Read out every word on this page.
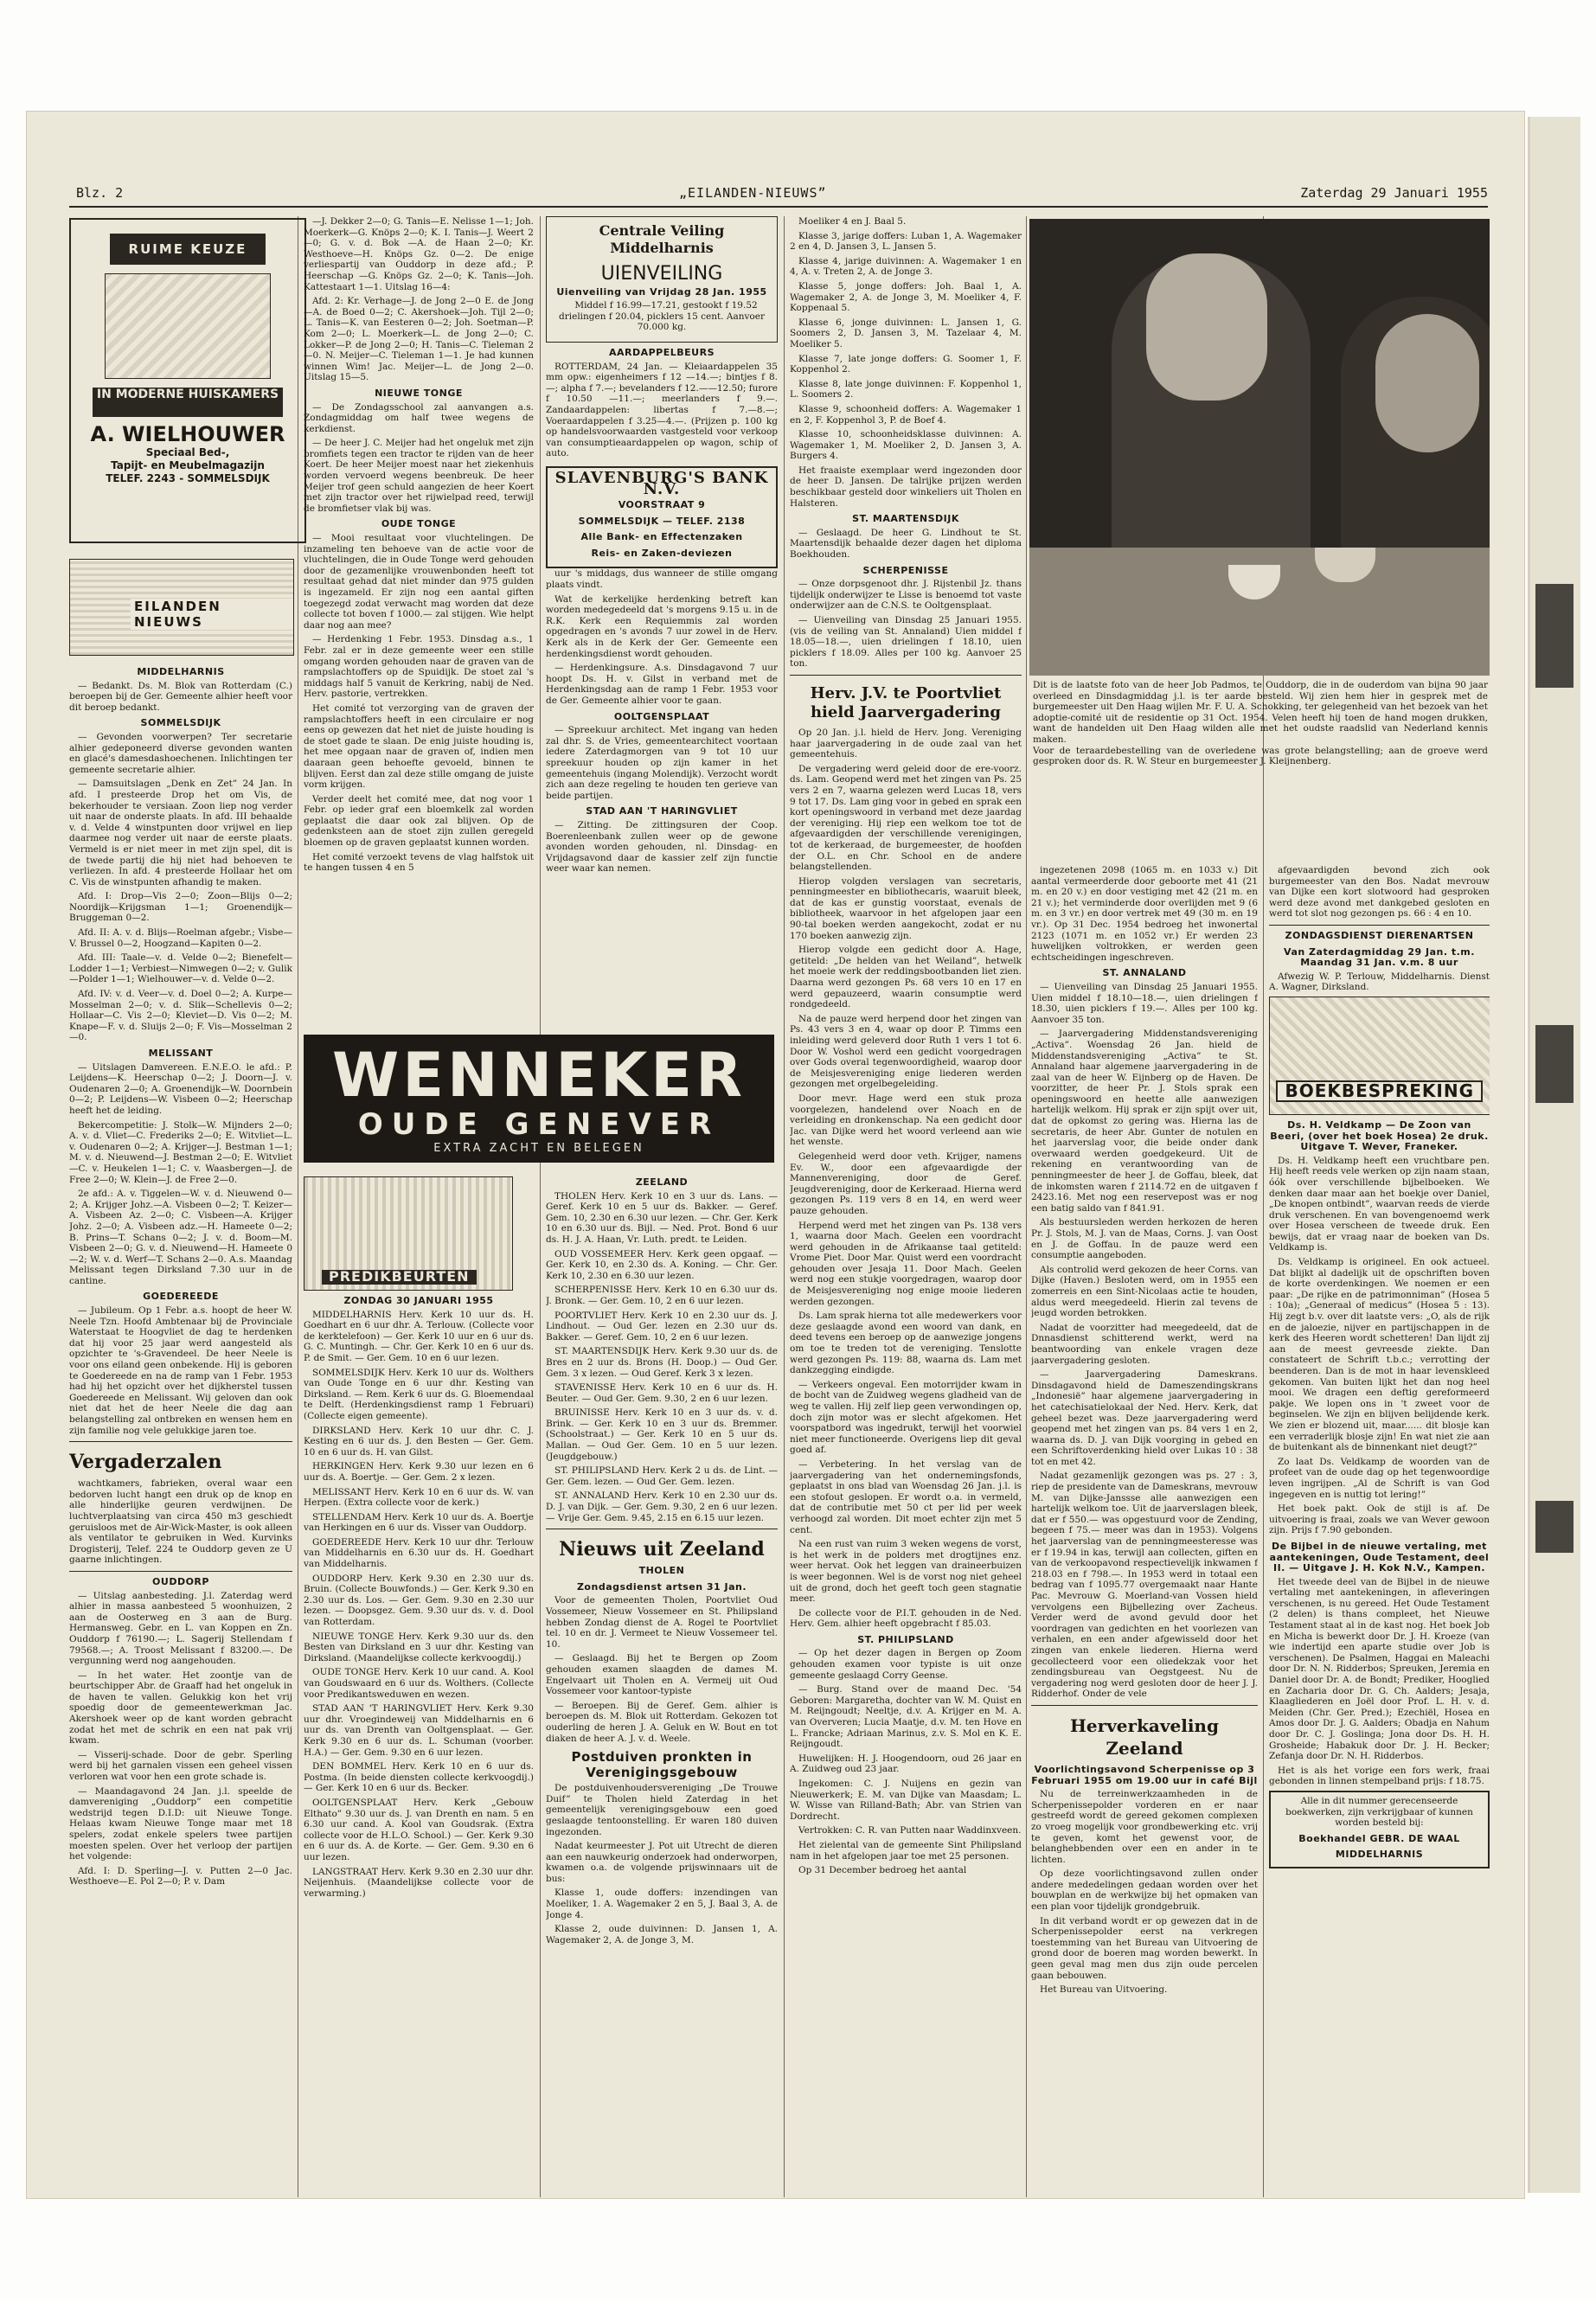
Blz. 2	„EILANDEN-NIEUWS”	Zaterdag 29 Januari 1955
RUIME KEUZE
IN MODERNE HUISKAMERS
A. WIELHOUWER
Speciaal Bed-,
Tapijt- en Meubelmagazijn
TELEF. 2243 - SOMMELSDIJK
EILANDEN NIEUWS
MIDDELHARNIS

— Bedankt. Ds. M. Blok van Rotterdam (C.) beroepen bij de Ger. Gemeente alhier heeft voor dit beroep bedankt.

SOMMELSDIJK

— Gevonden voorwerpen? Ter secretarie alhier gedeponeerd diverse gevonden wanten en glacé's damesdashoechenen. Inlichtingen ter gemeente secretarie alhier.

— Damsuitslagen „Denk en Zet” 24 Jan. In afd. I presteerde Drop het om Vis, de bekerhouder te versiaan. Zoon liep nog verder uit naar de onderste plaats. In afd. III behaalde v. d. Velde 4 winstpunten door vrijwel en liep daarmee nog verder uit naar de eerste plaats. Vermeld is er niet meer in met zijn spel, dit is de twede partij die hij niet had behoeven te verliezen. In afd. 4 presteerde Hollaar het om C. Vis de winstpunten afhandig te maken.

Afd. I: Drop—Vis 2—0; Zoon—Blijs 0—2; Noordijk—Krijgsman 1—1; Groenendijk—Bruggeman 0—2.

Afd. II: A. v. d. Blijs—Roelman afgebr.; Visbe—V. Brussel 0—2, Hoogzand—Kapiten 0—2.

Afd. III: Taale—v. d. Velde 0—2; Bienefelt—Lodder 1—1; Verbiest—Nimwegen 0—2; v. Gulik—Polder 1—1; Wielhouwer—v. d. Velde 0—2.

Afd. IV: v. d. Veer—v. d. Doel 0—2; A. Kurpe—Mosselman 2—0; v. d. Slik—Schellevis 0—2; Hollaar—C. Vis 2—0; Kleviet—D. Vis 0—2; M. Knape—F. v. d. Sluijs 2—0; F. Vis—Mosselman 2—0.

MELISSANT

— Uitslagen Damvereen. E.N.E.O. le afd.: P. Leijdens—K. Heerschap 0—2; J. Doorn—J. v. Oudenaren 2—0; A. Groenendijk—W. Doornbein 0—2; P. Leijdens—W. Visbeen 0—2; Heerschap heeft het de leiding.

Bekercompetitie: J. Stolk—W. Mijnders 2—0; A. v. d. Vliet—C. Frederiks 2—0; E. Witvliet—L. v. Oudenaren 0—2; A. Krijger—J. Bestman 1—1; M. v. d. Nieuwend—J. Bestman 2—0; E. Witvliet—C. v. Heukelen 1—1; C. v. Waasbergen—J. de Free 2—0; W. Klein—J. de Free 2—0.

2e afd.: A. v. Tiggelen—W. v. d. Nieuwend 0—2; A. Krijger Johz.—A. Visbeen 0—2; T. Keizer—A. Visbeen Az. 2—0; C. Visbeen—A. Krijger Johz. 2—0; A. Visbeen adz.—H. Hameete 0—2; B. Prins—T. Schans 0—2; J. v. d. Boom—M. Visbeen 2—0; G. v. d. Nieuwend—H. Hameete 0—2; W. v. d. Werf—T. Schans 2—0. A.s. Maandag Melissant tegen Dirksland 7.30 uur in de cantine.

GOEDEREEDE

— Jubileum. Op 1 Febr. a.s. hoopt de heer W. Neele Tzn. Hoofd Ambtenaar bij de Provinciale Waterstaat te Hoogvliet de dag te herdenken dat hij voor 25 jaar werd aangesteld als opzichter te 's-Gravendeel. De heer Neele is voor ons eiland geen onbekende. Hij is geboren te Goedereede en na de ramp van 1 Febr. 1953 had hij het opzicht over het dijkherstel tussen Goedereede en Melissant. Wij geloven dan ook niet dat het de heer Neele die dag aan belangstelling zal ontbreken en wensen hem en zijn familie nog vele gelukkige jaren toe.

Vergaderzalen

wachtkamers, fabrieken, overal waar een bedorven lucht hangt een druk op de knop en alle hinderlijke geuren verdwijnen. De luchtverplaatsing van circa 450 m3 geschiedt geruisloos met de Air-Wick-Master, is ook alleen als ventilator te gebruiken in Wed. Kurvinks Drogisterij, Telef. 224 te Ouddorp geven ze U gaarne inlichtingen.

OUDDORP

— Uitslag aanbesteding. J.l. Zaterdag werd alhier in massa aanbesteed 5 woonhuizen, 2 aan de Oosterweg en 3 aan de Burg. Hermansweg. Gebr. en L. van Koppen en Zn. Ouddorp f 76190.—; L. Sagerij Stellendam f 79568.—; A. Troost Melissant f 83200.—. De vergunning werd nog aangehouden.

— In het water. Het zoontje van de beurtschipper Abr. de Graaff had het ongeluk in de haven te vallen. Gelukkig kon het vrij spoedig door de gemeentewerkman Jac. Akershoek weer op de kant worden gebracht zodat het met de schrik en een nat pak vrij kwam.

— Visserij-schade. Door de gebr. Sperling werd bij het garnalen vissen een geheel vissen verloren wat voor hen een grote schade is.

— Maandagavond 24 Jan. j.l. speelde de damvereniging „Ouddorp” een competitie wedstrijd tegen D.I.D: uit Nieuwe Tonge. Helaas kwam Nieuwe Tonge maar met 18 spelers, zodat enkele spelers twee partijen moesten spelen. Over het verloop der partijen het volgende:

Afd. I: D. Sperling—J. v. Putten 2—0 Jac. Westhoeve—E. Pol 2—0; P. v. Dam

—J. Dekker 2—0; G. Tanis—E. Nelisse 1—1; Joh. Moerkerk—G. Knöps 2—0; K. I. Tanis—J. Weert 2—0; G. v. d. Bok —A. de Haan 2—0; Kr. Westhoeve—H. Knöps Gz. 0—2. De enige verliespartij van Ouddorp in deze afd.; P. Heerschap —G. Knöps Gz. 2—0; K. Tanis—Joh. Kattestaart 1—1. Uitslag 16—4:

Afd. 2: Kr. Verhage—J. de Jong 2—0 E. de Jong—A. de Boed 0—2; C. Akershoek—Joh. Tijl 2—0; L. Tanis—K. van Eesteren 0—2; Joh. Soetman—P. Kom 2—0; L. Moerkerk—L. de Jong 2—0; C. Lokker—P. de Jong 2—0; H. Tanis—C. Tieleman 2—0. N. Meijer—C. Tieleman 1—1. Je had kunnen winnen Wim! Jac. Meijer—L. de Jong 2—0. Uitslag 15—5.

NIEUWE TONGE

— De Zondagsschool zal aanvangen a.s. Zondagmiddag om half twee wegens de kerkdienst.

— De heer J. C. Meijer had het ongeluk met zijn bromfiets tegen een tractor te rijden van de heer Koert. De heer Meijer moest naar het ziekenhuis worden vervoerd wegens beenbreuk. De heer Meijer trof geen schuld aangezien de heer Koert met zijn tractor over het rijwielpad reed, terwijl de bromfietser vlak bij was.

OUDE TONGE

— Mooi resultaat voor vluchtelingen. De inzameling ten behoeve van de actie voor de vluchtelingen, die in Oude Tonge werd gehouden door de gezamenlijke vrouwenbonden heeft tot resultaat gehad dat niet minder dan 975 gulden is ingezameld. Er zijn nog een aantal giften toegezegd zodat verwacht mag worden dat deze collecte tot boven f 1000.— zal stijgen. Wie helpt daar nog aan mee?

— Herdenking 1 Febr. 1953. Dinsdag a.s., 1 Febr. zal er in deze gemeente weer een stille omgang worden gehouden naar de graven van de rampslachtoffers op de Spuidijk. De stoet zal 's middags half 5 vanuit de Kerkring, nabij de Ned. Herv. pastorie, vertrekken.

Het comité tot verzorging van de graven der rampslachtoffers heeft in een circulaire er nog eens op gewezen dat het niet de juiste houding is de stoet gade te slaan. De enig juiste houding is, het mee opgaan naar de graven of, indien men daaraan geen behoefte gevoeld, binnen te blijven. Eerst dan zal deze stille omgang de juiste vorm krijgen.

Verder deelt het comité mee, dat nog voor 1 Febr. op ieder graf een bloemkelk zal worden geplaatst die daar ook zal blijven. Op de gedenksteen aan de stoet zijn zullen geregeld bloemen op de graven geplaatst kunnen worden.

Het comité verzoekt tevens de vlag halfstok uit te hangen tussen 4 en 5

Centrale Veiling Middelharnis
UIENVEILING
Uienveiling van Vrijdag 28 Jan. 1955

Middel f 16.99—17.21, gestookt f 19.52 drielingen f 20.04, picklers 15 cent. Aanvoer 70.000 kg.

AARDAPPELBEURS

ROTTERDAM, 24 Jan. — Kleiaardappelen 35 mm opw.: eigenheimers f 12 —14.—; bintjes f 8.—; alpha f 7.—; bevelanders f 12.——12.50; furore f 10.50 —11.—; meerlanders f 9.—. Zandaardappelen: libertas f 7.—8.—; Voeraardappelen f 3.25—4.—. (Prijzen p. 100 kg op handelsvoorwaarden vastgesteld voor verkoop van consumptieaardappelen op wagon, schip of auto.

SLAVENBURG'S BANK N.V.
VOORSTRAAT 9
SOMMELSDIJK — TELEF. 2138
Alle Bank- en Effectenzaken
Reis- en Zaken-deviezen

uur 's middags, dus wanneer de stille omgang plaats vindt.

Wat de kerkelijke herdenking betreft kan worden medegedeeld dat 's morgens 9.15 u. in de R.K. Kerk een Requiemmis zal worden opgedragen en 's avonds 7 uur zowel in de Herv. Kerk als in de Kerk der Ger. Gemeente een herdenkingsdienst wordt gehouden.

— Herdenkingsure. A.s. Dinsdagavond 7 uur hoopt Ds. H. v. Gilst in verband met de Herdenkingsdag aan de ramp 1 Febr. 1953 voor de Ger. Gemeente alhier voor te gaan.

OOLTGENSPLAAT

— Spreekuur architect. Met ingang van heden zal dhr. S. de Vries, gemeentearchitect voortaan iedere Zaterdagmorgen van 9 tot 10 uur spreekuur houden op zijn kamer in het gemeentehuis (ingang Molendijk). Verzocht wordt zich aan deze regeling te houden ten gerieve van beide partijen.

STAD AAN 'T HARINGVLIET

— Zitting. De zittingsuren der Coop. Boerenleenbank zullen weer op de gewone avonden worden gehouden, nl. Dinsdag- en Vrijdagsavond daar de kassier zelf zijn functie weer waar kan nemen.

WENNEKER
OUDE GENEVER
EXTRA ZACHT EN BELEGEN
PREDIKBEURTEN
ZONDAG 30 JANUARI 1955

MIDDELHARNIS Herv. Kerk 10 uur ds. H. Goedhart en 6 uur dhr. A. Terlouw. (Collecte voor de kerktelefoon) — Ger. Kerk 10 uur en 6 uur ds. G. C. Muntingh. — Chr. Ger. Kerk 10 en 6 uur ds. P. de Smit. — Ger. Gem. 10 en 6 uur lezen.

SOMMELSDIJK Herv. Kerk 10 uur ds. Wolthers van Oude Tonge en 6 uur dhr. Kesting van Dirksland. — Rem. Kerk 6 uur ds. G. Bloemendaal te Delft. (Herdenkingsdienst ramp 1 Februari) (Collecte eigen gemeente).

DIRKSLAND Herv. Kerk 10 uur dhr. C. J. Kesting en 6 uur ds. J. den Besten — Ger. Gem. 10 en 6 uur ds. H. van Gilst.

HERKINGEN Herv. Kerk 9.30 uur lezen en 6 uur ds. A. Boertje. — Ger. Gem. 2 x lezen.

MELISSANT Herv. Kerk 10 en 6 uur ds. W. van Herpen. (Extra collecte voor de kerk.)

STELLENDAM Herv. Kerk 10 uur ds. A. Boertje van Herkingen en 6 uur ds. Visser van Ouddorp.

GOEDEREEDE Herv. Kerk 10 uur dhr. Terlouw van Middelharnis en 6.30 uur ds. H. Goedhart van Middelharnis.

OUDDORP Herv. Kerk 9.30 en 2.30 uur ds. Bruin. (Collecte Bouwfonds.) — Ger. Kerk 9.30 en 2.30 uur ds. Los. — Ger. Gem. 9.30 en 2.30 uur lezen. — Doopsgez. Gem. 9.30 uur ds. v. d. Dool van Rotterdam.

NIEUWE TONGE Herv. Kerk 9.30 uur ds. den Besten van Dirksland en 3 uur dhr. Kesting van Dirksland. (Maandelijkse collecte kerkvoogdij.)

OUDE TONGE Herv. Kerk 10 uur cand. A. Kool van Goudswaard en 6 uur ds. Wolthers. (Collecte voor Predikantsweduwen en wezen.

STAD AAN 'T HARINGVLIET Herv. Kerk 9.30 uur dhr. Vroegindeweij van Middelharnis en 6 uur ds. van Drenth van Ooltgensplaat. — Ger. Kerk 9.30 en 6 uur ds. L. Schuman (voorber. H.A.) — Ger. Gem. 9.30 en 6 uur lezen.

DEN BOMMEL Herv. Kerk 10 en 6 uur ds. Postma. (In beide diensten collecte kerkvoogdij.) — Ger. Kerk 10 en 6 uur ds. Becker.

OOLTGENSPLAAT Herv. Kerk „Gebouw Elthato” 9.30 uur ds. J. van Drenth en nam. 5 en 6.30 uur cand. A. Kool van Goudsrak. (Extra collecte voor de H.L.O. School.) — Ger. Kerk 9.30 en 6 uur ds. A. de Korte. — Ger. Gem. 9.30 en 6 uur lezen.

LANGSTRAAT Herv. Kerk 9.30 en 2.30 uur dhr. Neijenhuis. (Maandelijkse collecte voor de verwarming.)

ZEELAND

THOLEN Herv. Kerk 10 en 3 uur ds. Lans. — Geref. Kerk 10 en 5 uur ds. Bakker. — Geref. Gem. 10, 2.30 en 6.30 uur lezen. — Chr. Ger. Kerk 10 en 6.30 uur ds. Bijl. — Ned. Prot. Bond 6 uur ds. H. J. A. Haan, Vr. Luth. predt. te Leiden.

OUD VOSSEMEER Herv. Kerk geen opgaaf. — Ger. Kerk 10, en 2.30 ds. A. Koning. — Chr. Ger. Kerk 10, 2.30 en 6.30 uur lezen.

SCHERPENISSE Herv. Kerk 10 en 6.30 uur ds. J. Bronk. — Ger. Gem. 10, 2 en 6 uur lezen.

POORTVLIET Herv. Kerk 10 en 2.30 uur ds. J. Lindhout. — Oud Ger. lezen en 2.30 uur ds. Bakker. — Geref. Gem. 10, 2 en 6 uur lezen.

ST. MAARTENSDIJK Herv. Kerk 9.30 uur ds. de Bres en 2 uur ds. Brons (H. Doop.) — Oud Ger. Gem. 3 x lezen. — Oud Geref. Kerk 3 x lezen.

STAVENISSE Herv. Kerk 10 en 6 uur ds. H. Beuter. — Oud Ger. Gem. 9.30, 2 en 6 uur lezen.

BRUINISSE Herv. Kerk 10 en 3 uur ds. v. d. Brink. — Ger. Kerk 10 en 3 uur ds. Bremmer. (Schoolstraat.) — Ger. Kerk 10 en 5 uur ds. Mallan. — Oud Ger. Gem. 10 en 5 uur lezen. (Jeugdgebouw.)

ST. PHILIPSLAND Herv. Kerk 2 u ds. de Lint. — Ger. Gem. lezen. — Oud Ger. Gem. lezen.

ST. ANNALAND Herv. Kerk 10 en 2.30 uur ds. D. J. van Dijk. — Ger. Gem. 9.30, 2 en 6 uur lezen. — Vrije Ger. Gem. 9.45, 2.15 en 6.15 uur lezen.

Nieuws uit Zeeland
THOLEN
Zondagsdienst artsen 31 Jan.

Voor de gemeenten Tholen, Poortvliet Oud Vossemeer, Nieuw Vossemeer en St. Philipsland hebben Zondag dienst de A. Rogel te Poortvliet tel. 10 en dr. J. Vermeet te Nieuw Vossemeer tel. 10.

— Geslaagd. Bij het te Bergen op Zoom gehouden examen slaagden de dames M. Engelvaart uit Tholen en A. Vermeij uit Oud Vossemeer voor kantoor-typiste

— Beroepen. Bij de Geref. Gem. alhier is beroepen ds. M. Blok uit Rotterdam. Gekozen tot ouderling de heren J. A. Geluk en W. Bout en tot diaken de heer A. J. v. d. Weele.

Postduiven pronkten in Verenigingsgebouw

De postduivenhoudersvereniging „De Trouwe Duif” te Tholen hield Zaterdag in het gemeentelijk verenigingsgebouw een goed geslaagde tentoonstelling. Er waren 180 duiven ingezonden.

Nadat keurmeester J. Pot uit Utrecht de dieren aan een nauwkeurig onderzoek had onderworpen, kwamen o.a. de volgende prijswinnaars uit de bus:

Klasse 1, oude doffers: inzendingen van Moeliker, 1. A. Wagemaker 2 en 5, J. Baal 3, A. de Jonge 4.

Klasse 2, oude duivinnen: D. Jansen 1, A. Wagemaker 2, A. de Jonge 3, M.

Moeliker 4 en J. Baal 5.

Klasse 3, jarige doffers: Luban 1, A. Wagemaker 2 en 4, D. Jansen 3, L. Jansen 5.

Klasse 4, jarige duivinnen: A. Wagemaker 1 en 4, A. v. Treten 2, A. de Jonge 3.

Klasse 5, jonge doffers: Joh. Baal 1, A. Wagemaker 2, A. de Jonge 3, M. Moeliker 4, F. Koppenaal 5.

Klasse 6, jonge duivinnen: L. Jansen 1, G. Soomers 2, D. Jansen 3, M. Tazelaar 4, M. Moeliker 5.

Klasse 7, late jonge doffers: G. Soomer 1, F. Koppenhol 2.

Klasse 8, late jonge duivinnen: F. Koppenhol 1, L. Soomers 2.

Klasse 9, schoonheid doffers: A. Wagemaker 1 en 2, F. Koppenhol 3, P. de Boef 4.

Klasse 10, schoonheidsklasse duivinnen: A. Wagemaker 1, M. Moeliker 2, D. Jansen 3, A. Burgers 4.

Het fraaiste exemplaar werd ingezonden door de heer D. Jansen. De talrijke prijzen werden beschikbaar gesteld door winkeliers uit Tholen en Halsteren.

ST. MAARTENSDIJK

— Geslaagd. De heer G. Lindhout te St. Maartensdijk behaalde dezer dagen het diploma Boekhouden.

SCHERPENISSE

— Onze dorpsgenoot dhr. J. Rijstenbil Jz. thans tijdelijk onderwijzer te Lisse is benoemd tot vaste onderwijzer aan de C.N.S. te Ooltgensplaat.

— Uienveiling van Dinsdag 25 Januari 1955. (vis de veiling van St. Annaland) Uien middel f 18.05—18.—, uien drielingen f 18.10, uien picklers f 18.09. Alles per 100 kg. Aanvoer 25 ton.

Herv. J.V. te Poortvliet hield Jaarvergadering

Op 20 Jan. j.l. hield de Herv. Jong. Vereniging haar jaarvergadering in de oude zaal van het gemeentehuis.

De vergadering werd geleid door de ere-voorz. ds. Lam. Geopend werd met het zingen van Ps. 25 vers 2 en 7, waarna gelezen werd Lucas 18, vers 9 tot 17. Ds. Lam ging voor in gebed en sprak een kort openingswoord in verband met deze jaardag der vereniging. Hij riep een welkom toe tot de afgevaardigden der verschillende verenigingen, tot de kerkeraad, de burgemeester, de hoofden der O.L. en Chr. School en de andere belangstellenden.

Hierop volgden verslagen van secretaris, penningmeester en bibliothecaris, waaruit bleek, dat de kas er gunstig voorstaat, evenals de bibliotheek, waarvoor in het afgelopen jaar een 90-tal boeken werden aangekocht, zodat er nu 170 boeken aanwezig zijn.

Hierop volgde een gedicht door A. Hage, getiteld: „De helden van het Weiland”, hetwelk het moeie werk der reddingsbootbanden liet zien. Daarna werd gezongen Ps. 68 vers 10 en 17 en werd gepauzeerd, waarin consumptie werd rondgedeeld.

Na de pauze werd herpend door het zingen van Ps. 43 vers 3 en 4, waar op door P. Timms een inleiding werd geleverd door Ruth 1 vers 1 tot 6. Door W. Voshol werd een gedicht voorgedragen over Gods overal tegenwoordigheid, waarop door de Meisjesvereniging enige liederen werden gezongen met orgelbegeleiding.

Door mevr. Hage werd een stuk proza voorgelezen, handelend over Noach en de verleiding en dronkenschap. Na een gedicht door Jac. van Dijke werd het woord verleend aan wie het wenste.

Gelegenheid werd door veth. Krijger, namens Ev. W., door een afgevaardigde der Mannenvereniging, door de Geref. Jeugdvereniging, door de Kerkeraad. Hierna werd gezongen Ps. 119 vers 8 en 14, en werd weer pauze gehouden.

Herpend werd met het zingen van Ps. 138 vers 1, waarna door Mach. Geelen een voordracht werd gehouden in de Afrikaanse taal getiteld: Vrome Piet. Door Mar. Quist werd een voordracht gehouden over Jesaja 11. Door Mach. Geelen werd nog een stukje voorgedragen, waarop door de Meisjesvereniging nog enige mooie liederen werden gezongen.

Ds. Lam sprak hierna tot alle medewerkers voor deze geslaagde avond een woord van dank, en deed tevens een beroep op de aanwezige jongens om toe te treden tot de vereniging. Tenslotte werd gezongen Ps. 119: 88, waarna ds. Lam met dankzegging eindigde.

— Verkeers ongeval. Een motorrijder kwam in de bocht van de Zuidweg wegens gladheid van de weg te vallen. Hij zelf liep geen verwondingen op, doch zijn motor was er slecht afgekomen. Het voorspatbord was ingedrukt, terwijl het voorwiel niet meer functioneerde. Overigens liep dit geval goed af.

— Verbetering. In het verslag van de jaarvergadering van het ondernemingsfonds, geplaatst in ons blad van Woensdag 26 Jan. j.l. is een stofout geslopen. Er wordt o.a. in vermeld, dat de contributie met 50 ct per lid per week verhoogd zal worden. Dit moet echter zijn met 5 cent.

Na een rust van ruim 3 weken wegens de vorst, is het werk in de polders met drogtijnes enz. weer hervat. Ook het leggen van draineerbuizen is weer begonnen. Wel is de vorst nog niet geheel uit de grond, doch het geeft toch geen stagnatie meer.

De collecte voor de P.I.T. gehouden in de Ned. Herv. Gem. alhier heeft opgebracht f 85.03.

ST. PHILIPSLAND

— Op het dezer dagen in Bergen op Zoom gehouden examen voor typiste is uit onze gemeente geslaagd Corry Geense.

— Burg. Stand over de maand Dec. '54 Geboren: Margaretha, dochter van W. M. Quist en M. Reijngoudt; Neeltje, d.v. A. Krijger en M. A. van Oververen; Lucia Maatje, d.v. M. ten Hove en L. Francke; Adriaan Marinus, z.v. S. Mol en K. E. Reijngoudt.

Huwelijken: H. J. Hoogendoorn, oud 26 jaar en A. Zuidweg oud 23 jaar.

Ingekomen: C. J. Nuijens en gezin van Nieuwerkerk; E. M. van Dijke van Maasdam; L. W. Wisse van Rilland-Bath; Abr. van Strien van Dordrecht.

Vertrokken: C. R. van Putten naar Waddinxveen.

Het zielental van de gemeente Sint Philipsland nam in het afgelopen jaar toe met 25 personen.

Op 31 December bedroeg het aantal

Dit is de laatste foto van de heer Job Padmos, te Ouddorp, die in de ouderdom van bijna 90 jaar overleed en Dinsdagmiddag j.l. is ter aarde besteld. Wij zien hem hier in gesprek met de burgemeester uit Den Haag wijlen Mr. F. U. A. Schokking, ter gelegenheid van het bezoek van het adoptie-comité uit de residentie op 31 Oct. 1954. Velen heeft hij toen de hand mogen drukken, want de handelden uit Den Haag wilden alle met het oudste raadslid van Nederland kennis maken.
Voor de teraardebestelling van de overledene was grote belangstelling; aan de groeve werd gesproken door ds. R. W. Steur en burgemeester J. Kleijnenberg.

ingezetenen 2098 (1065 m. en 1033 v.) Dit aantal vermeerderde door geboorte met 41 (21 m. en 20 v.) en door vestiging met 42 (21 m. en 21 v.); het verminderde door overlijden met 9 (6 m. en 3 vr.) en door vertrek met 49 (30 m. en 19 vr.). Op 31 Dec. 1954 bedroeg het inwonertal 2123 (1071 m. en 1052 vr.) Er werden 23 huwelijken voltrokken, er werden geen echtscheidingen ingeschreven.

ST. ANNALAND

— Uienveiling van Dinsdag 25 Januari 1955. Uien middel f 18.10—18.—, uien drielingen f 18.30, uien picklers f 19.—. Alles per 100 kg. Aanvoer 35 ton.

— Jaarvergadering Middenstandsvereniging „Activa”. Woensdag 26 Jan. hield de Middenstandsvereniging „Activa” te St. Annaland haar algemene jaarvergadering in de zaal van de heer W. Eijnberg op de Haven. De voorzitter, de heer Pr. J. Stols sprak een openingswoord en heette alle aanwezigen hartelijk welkom. Hij sprak er zijn spijt over uit, dat de opkomst zo gering was. Hierna las de secretaris, de heer Abr. Gunter de notulen en het jaarverslag voor, die beide onder dank overwaard werden goedgekeurd. Uit de rekening en verantwoording van de penningmeester de heer J. de Goffau, bleek, dat de inkomsten waren f 2114.72 en de uitgaven f 2423.16. Met nog een reservepost was er nog een batig saldo van f 841.91.

Als bestuursleden werden herkozen de heren Pr. J. Stols, M. J. van de Maas, Corns. J. van Oost en J. de Goffau. In de pauze werd een consumptie aangeboden.

Als controlid werd gekozen de heer Corns. van Dijke (Haven.) Besloten werd, om in 1955 een zomerreis en een Sint-Nicolaas actie te houden, aldus werd meegedeeld. Hierin zal tevens de jeugd worden betrokken.

Nadat de voorzitter had meegedeeld, dat de Dnnasdienst schitterend werkt, werd na beantwoording van enkele vragen deze jaarvergadering gesloten.

— Jaarvergadering Dameskrans. Dinsdagavond hield de Dameszendingskrans „Indonesië” haar algemene jaarvergadering in het catechisatielokaal der Ned. Herv. Kerk, dat geheel bezet was. Deze jaarvergadering werd geopend met het zingen van ps. 84 vers 1 en 2, waarna ds. D. J. van Dijk voorging in gebed en een Schriftoverdenking hield over Lukas 10 : 38 tot en met 42.

Nadat gezamenlijk gezongen was ps. 27 : 3, riep de presidente van de Dameskrans, mevrouw M. van Dijke-Janssse alle aanwezigen een hartelijk welkom toe. Uit de jaarverslagen bleek, dat er f 550.— was opgestuurd voor de Zending, begeen f 75.— meer was dan in 1953). Volgens het jaarverslag van de penningmeesteresse was er f 19.94 in kas, terwijl aan collecten, giften en van de verkoopavond respectievelijk inkwamen f 218.03 en f 798.—. In 1953 werd in totaal een bedrag van f 1095.77 overgemaakt naar Hante Pac. Mevrouw G. Moerland-van Vossen hield vervolgens een Bijbellezing over Zacheus. Verder werd de avond gevuld door het voordragen van gedichten en het voorlezen van verhalen, en een ander afgewisseld door het zingen van enkele liederen. Hierna werd gecollecteerd voor een oliedekzak voor het zendingsbureau van Oegstgeest. Nu de vergadering nog werd gesloten door de heer J. J. Ridderhof. Onder de vele

Herverkaveling Zeeland
Voorlichtingsavond Scherpenisse op 3 Februari 1955 om 19.00 uur in café Bijl

Nu de terreinwerkzaamheden in de Scherpenissepolder vorderen en er naar gestreefd wordt de gereed gekomen complexen zo vroeg mogelijk voor grondbewerking etc. vrij te geven, komt het gewenst voor, de belanghebbenden over een en ander in te lichten.

Op deze voorlichtingsavond zullen onder andere mededelingen gedaan worden over het bouwplan en de werkwijze bij het opmaken van een plan voor tijdelijk grondgebruik.

In dit verband wordt er op gewezen dat in de Scherpenissepolder eerst na verkregen toestemming van het Bureau van Uitvoering de grond door de boeren mag worden bewerkt. In geen geval mag men dus zijn oude percelen gaan bebouwen.

Het Bureau van Uitvoering.

afgevaardigden bevond zich ook burgemeester van den Bos. Nadat mevrouw van Dijke een kort slotwoord had gesproken werd deze avond met dankgebed gesloten en werd tot slot nog gezongen ps. 66 : 4 en 10.

ZONDAGSDIENST DIERENARTSEN
Van Zaterdagmiddag 29 Jan. t.m. Maandag 31 Jan. v.m. 8 uur

Afwezig W. P. Terlouw, Middelharnis. Dienst A. Wagner, Dirksland.

BOEKBESPREKING
Ds. H. Veldkamp — De Zoon van Beeri, (over het boek Hosea) 2e druk. Uitgave T. Wever, Franeker.

Ds. H. Veldkamp heeft een vruchtbare pen. Hij heeft reeds vele werken op zijn naam staan, óók over verschillende bijbelboeken. We denken daar maar aan het boekje over Daniel, „De knopen ontbindt”, waarvan reeds de vierde druk verschenen. En van bovengenoemd werk over Hosea verscheen de tweede druk. Een bewijs, dat er vraag naar de boeken van Ds. Veldkamp is.

Ds. Veldkamp is origineel. En ook actueel. Dat blijkt al dadelijk uit de opschriften boven de korte overdenkingen. We noemen er een paar: „De rijke en de patrimonniman” (Hosea 5 : 10a); „Generaal of medicus” (Hosea 5 : 13). Hij zegt b.v. over dit laatste vers: „O, als de rijk en de jaloezie, nijver en partijschappen in de kerk des Heeren wordt schetteren! Dan lijdt zij aan de meest gevreesde ziekte. Dan constateert de Schrift t.b.c.; verrotting der beenderen. Dan is de mot in haar levenskleed gekomen. Van buiten lijkt het dan nog heel mooi. We dragen een deftig gereformeerd pakje. We lopen ons in 't zweet voor de beginselen. We zijn en blijven belijdende kerk. We zien er blozend uit, maar...... dit blosje kan een verraderlijk blosje zijn! En wat niet zie aan de buitenkant als de binnenkant niet deugt?”

Zo laat Ds. Veldkamp de woorden van de profeet van de oude dag op het tegenwoordige leven ingrijpen. „Al de Schrift is van God ingegeven en is nuttig tot lering!”

Het boek pakt. Ook de stijl is af. De uitvoering is fraai, zoals we van Wever gewoon zijn. Prijs f 7.90 gebonden.

De Bijbel in de nieuwe vertaling, met aantekeningen, Oude Testament, deel II. — Uitgave J. H. Kok N.V., Kampen.

Het tweede deel van de Bijbel in de nieuwe vertaling met aantekeningen, in afleveringen verschenen, is nu gereed. Het Oude Testament (2 delen) is thans compleet, het Nieuwe Testament staat al in de kast nog. Het boek Job en Micha is bewerkt door Dr. J. H. Kroeze (van wie indertijd een aparte studie over Job is verschenen). De Psalmen, Haggai en Maleachi door Dr. N. N. Ridderbos; Spreuken, Jeremia en Daniel door Dr. A. de Bondt; Prediker, Hooglied en Zacharia door Dr. G. Ch. Aalders; Jesaja, Klaagliederen en Joël door Prof. L. H. v. d. Meiden (Chr. Ger. Pred.); Ezechiël, Hosea en Amos door Dr. J. G. Aalders; Obadja en Nahum door Dr. C. J. Goslinga; Jona door Ds. H. H. Grosheide; Habakuk door Dr. J. H. Becker; Zefanja door Dr. N. H. Ridderbos.

Het is als het vorige een fors werk, fraai gebonden in linnen stempelband prijs: f 18.75.

Alle in dit nummer gerecenseerde boekwerken, zijn verkrijgbaar of kunnen worden besteld bij:
Boekhandel GEBR. DE WAAL
MIDDELHARNIS
